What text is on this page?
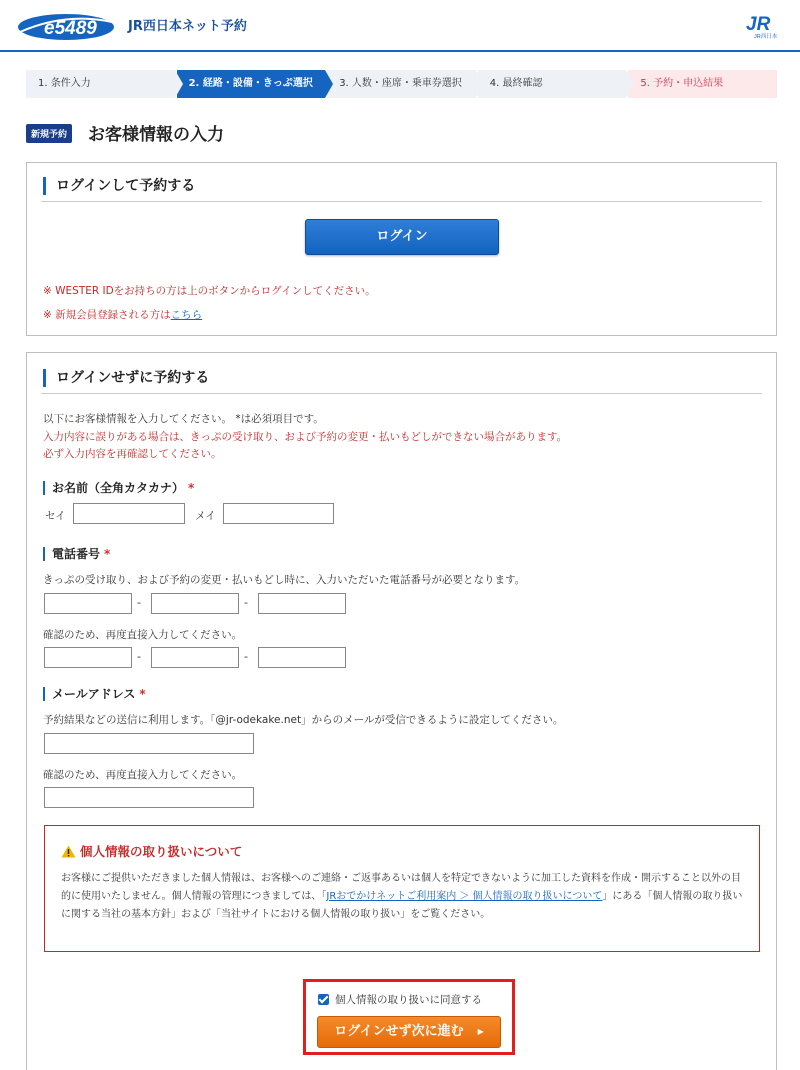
e5489 JR西日本ネット予約	JR
JR西日本
1. 条件入力	2. 経路・設備・きっぷ選択	3. 人数・座席・乗車券選択	4. 最終確認	5. 予約・申込結果
新規予約 お客様情報の入力
ログインして予約する
ログイン
※ WESTER IDをお持ちの方は上のボタンからログインしてください。
※ 新規会員登録される方はこちら
ログインせずに予約する
以下にお客様情報を入力してください。 *は必須項目です。
入力内容に誤りがある場合は、きっぷの受け取り、および予約の変更・払いもどしができない場合があります。
必ず入力内容を再確認してください。
お名前（全角カタカナ） *
セイ	メイ
電話番号 *
きっぷの受け取り、および予約の変更・払いもどし時に、入力いただいた電話番号が必要となります。
-	-
確認のため、再度直接入力してください。
-	-
メールアドレス *
予約結果などの送信に利用します。「@jr-odekake.net」からのメールが受信できるように設定してください。
確認のため、再度直接入力してください。
個人情報の取り扱いについて
お客様にご提供いただきました個人情報は、お客様へのご連絡・ご返事あるいは個人を特定できないように加工した資料を作成・開示すること以外の目的に使用いたしません。個人情報の管理につきましては、「JRおでかけネットご利用案内 ＞ 個人情報の取り扱いについて」にある「個人情報の取り扱いに関する当社の基本方針」および「当社サイトにおける個人情報の取り扱い」をご覧ください。
個人情報の取り扱いに同意する
ログインせず次に進む ▶
